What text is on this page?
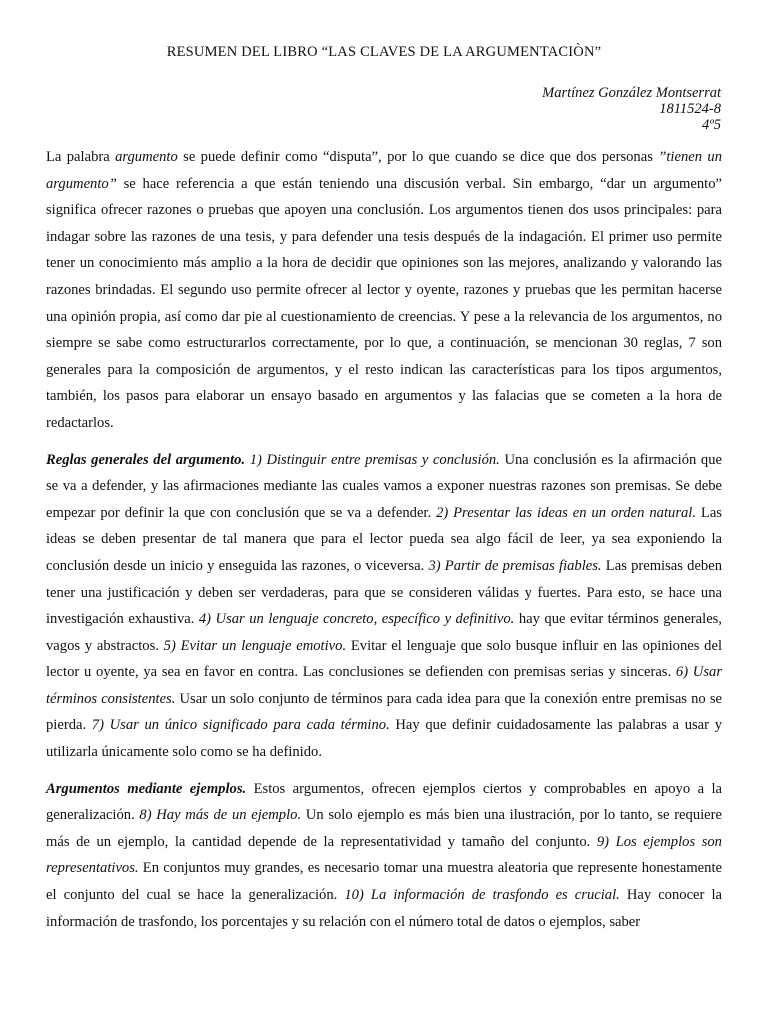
RESUMEN DEL LIBRO “LAS CLAVES DE LA ARGUMENTACIÒN”
Martínez González Montserrat
1811524-8
4º5

La palabra argumento se puede definir como “disputa”, por lo que cuando se dice que dos personas ”tienen un argumento” se hace referencia a que están teniendo una discusión verbal. Sin embargo, “dar un argumento” significa ofrecer razones o pruebas que apoyen una conclusión. Los argumentos tienen dos usos principales: para indagar sobre las razones de una tesis, y para defender una tesis después de la indagación. El primer uso permite tener un conocimiento más amplio a la hora de decidir que opiniones son las mejores, analizando y valorando las razones brindadas. El segundo uso permite ofrecer al lector y oyente, razones y pruebas que les permitan hacerse una opinión propia, así como dar pie al cuestionamiento de creencias. Y pese a la relevancia de los argumentos, no siempre se sabe como estructurarlos correctamente, por lo que, a continuación, se mencionan 30 reglas, 7 son generales para la composición de argumentos, y el resto indican las características para los tipos argumentos, también, los pasos para elaborar un ensayo basado en argumentos y las falacias que se cometen a la hora de redactarlos.

Reglas generales del argumento. 1) Distinguir entre premisas y conclusión. Una conclusión es la afirmación que se va a defender, y las afirmaciones mediante las cuales vamos a exponer nuestras razones son premisas. Se debe empezar por definir la que con conclusión que se va a defender. 2) Presentar las ideas en un orden natural. Las ideas se deben presentar de tal manera que para el lector pueda sea algo fácil de leer, ya sea exponiendo la conclusión desde un inicio y enseguida las razones, o viceversa. 3) Partir de premisas fiables. Las premisas deben tener una justificación y deben ser verdaderas, para que se consideren válidas y fuertes. Para esto, se hace una investigación exhaustiva. 4) Usar un lenguaje concreto, específico y definitivo. hay que evitar términos generales, vagos y abstractos. 5) Evitar un lenguaje emotivo. Evitar el lenguaje que solo busque influir en las opiniones del lector u oyente, ya sea en favor en contra. Las conclusiones se defienden con premisas serias y sinceras. 6) Usar términos consistentes. Usar un solo conjunto de términos para cada idea para que la conexión entre premisas no se pierda. 7) Usar un único significado para cada término. Hay que definir cuidadosamente las palabras a usar y utilizarla únicamente solo como se ha definido.

Argumentos mediante ejemplos. Estos argumentos, ofrecen ejemplos ciertos y comprobables en apoyo a la generalización. 8) Hay más de un ejemplo. Un solo ejemplo es más bien una ilustración, por lo tanto, se requiere más de un ejemplo, la cantidad depende de la representatividad y tamaño del conjunto. 9) Los ejemplos son representativos. En conjuntos muy grandes, es necesario tomar una muestra aleatoria que represente honestamente el conjunto del cual se hace la generalización. 10) La información de trasfondo es crucial. Hay conocer la información de trasfondo, los porcentajes y su relación con el número total de datos o ejemplos, saber
